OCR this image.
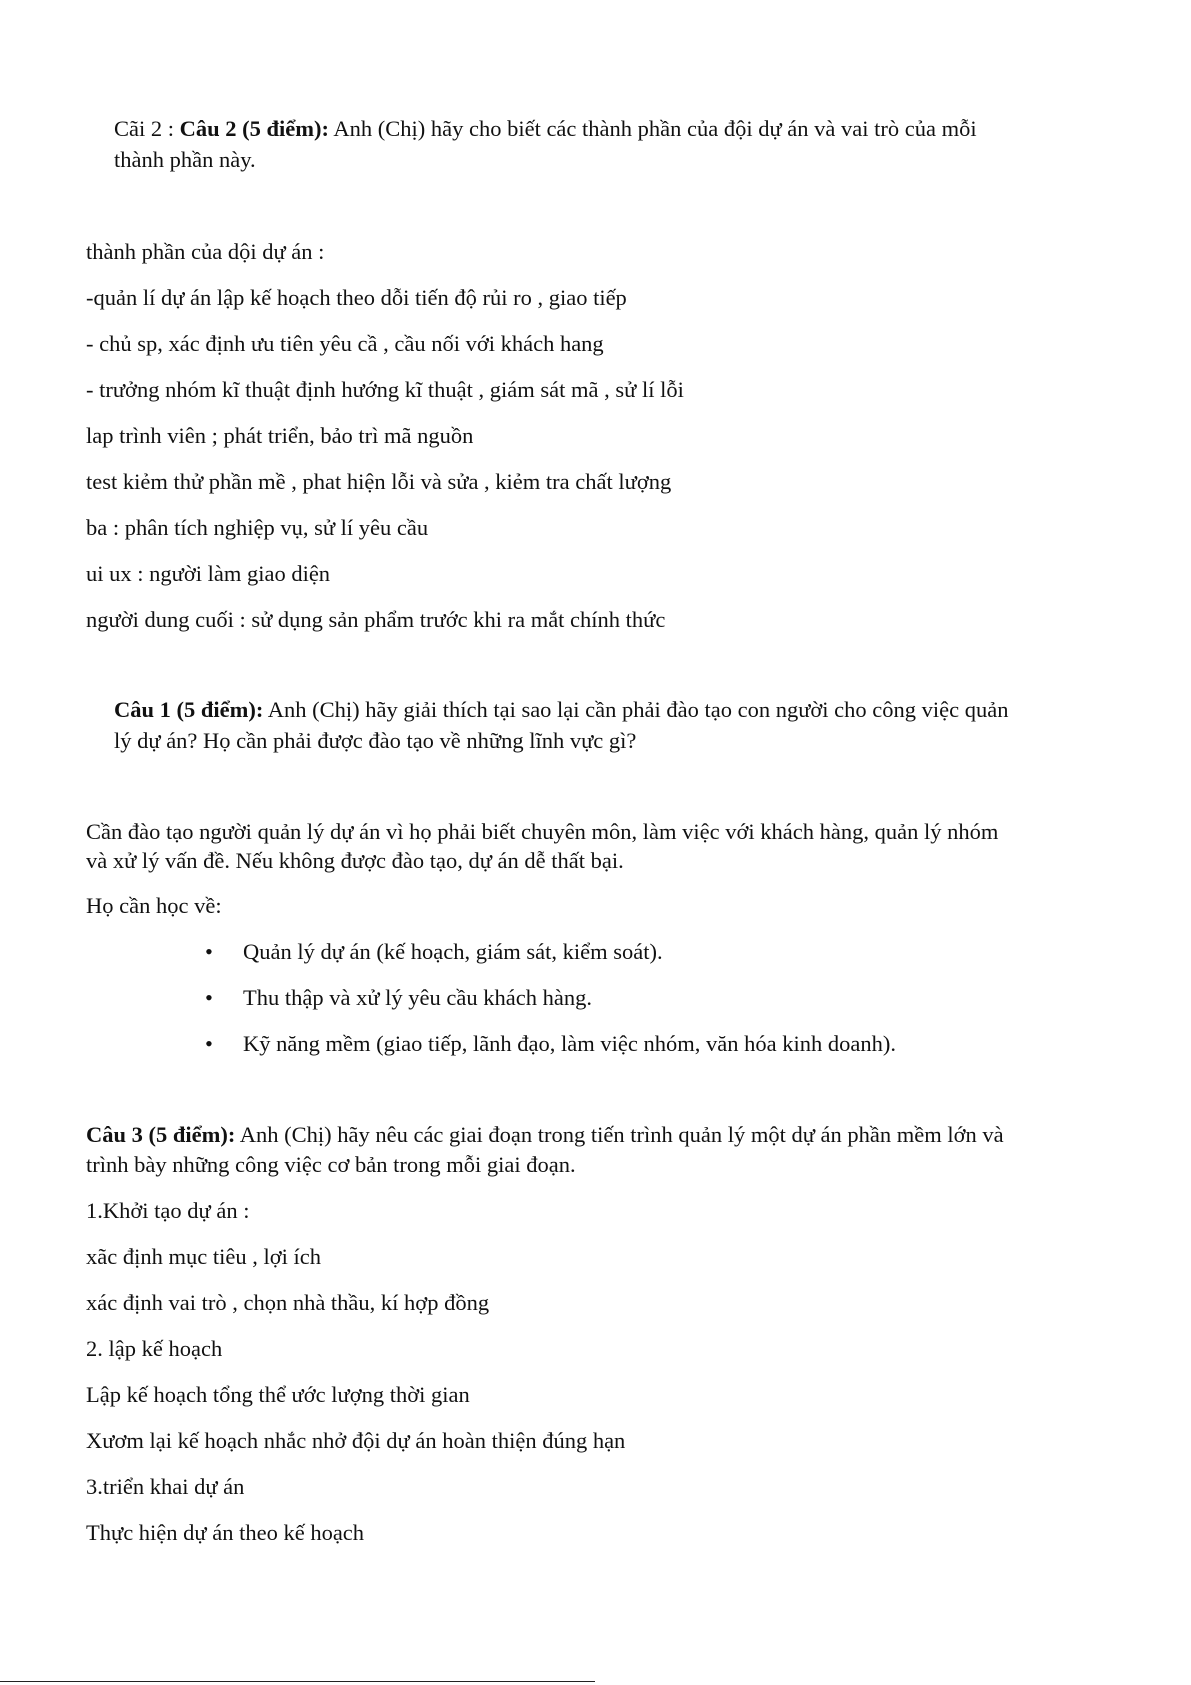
Cãi 2 : Câu 2 (5 điểm): Anh (Chị) hãy cho biết các thành phần của đội dự án và vai trò của mỗi
thành phần này.
thành phần của dội dự án :
-quản lí dự án lập kế hoạch theo dỗi tiến độ rủi ro , giao tiếp
- chủ sp, xác định ưu tiên yêu cầ , cầu nối với khách hang
- trưởng nhóm kĩ thuật định hướng kĩ thuật , giám sát mã , sử lí lỗi
lap trình viên ; phát triển, bảo trì mã nguồn
test kiẻm thử phần mề , phat hiện lỗi và sửa , kiẻm tra chất lượng
ba : phân tích nghiệp vụ, sử lí yêu cầu
ui ux : người làm giao diện
người dung cuối : sử dụng sản phẩm trước khi ra mắt chính thức
Câu 1 (5 điểm): Anh (Chị) hãy giải thích tại sao lại cần phải đào tạo con người cho công việc quản
lý dự án? Họ cần phải được đào tạo về những lĩnh vực gì?
Cần đào tạo người quản lý dự án vì họ phải biết chuyên môn, làm việc với khách hàng, quản lý nhóm
và xử lý vấn đề. Nếu không được đào tạo, dự án dễ thất bại.
Họ cần học về:
• Quản lý dự án (kế hoạch, giám sát, kiểm soát).
• Thu thập và xử lý yêu cầu khách hàng.
• Kỹ năng mềm (giao tiếp, lãnh đạo, làm việc nhóm, văn hóa kinh doanh).
Câu 3 (5 điểm): Anh (Chị) hãy nêu các giai đoạn trong tiến trình quản lý một dự án phần mềm lớn và
trình bày những công việc cơ bản trong mỗi giai đoạn.
1.Khởi tạo dự án :
xãc định mục tiêu , lợi ích
xác định vai trò , chọn nhà thầu, kí hợp đồng
2. lập kế hoạch
Lập kế hoạch tổng thể ước lượng thời gian
Xươm lại kế hoạch nhắc nhở đội dự án hoàn thiện đúng hạn
3.triển khai dự án
Thực hiện dự án theo kế hoạch
